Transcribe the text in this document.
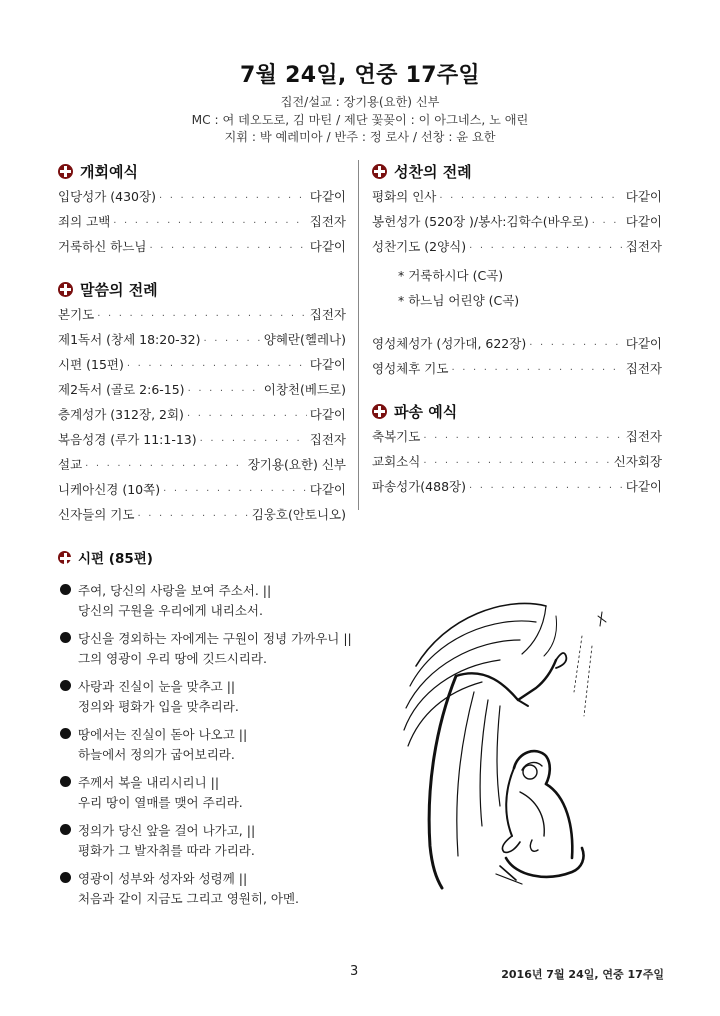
7월 24일, 연중 17주일
집전/설교 : 장기용(요한) 신부
MC : 여 데오도로, 김 마틴 / 제단 꽃꽂이 : 이 아그네스, 노 애린
지휘 : 박 예레미아 / 반주 : 정 로사 / 선창 : 윤 요한
개회예식
입당성가 (430장) · · ·	다같이
죄의 고백 · · ·	집전자
거룩하신 하느님 · · ·	다같이
말씀의 전례
본기도 · · ·	집전자
제1독서 (창세 18:20-32) · · ·	양혜란(헬레나)
시편 (15편) · · ·	다같이
제2독서 (골로 2:6-15) · · ·	이창천(베드로)
층계성가 (312장, 2회) · · ·	다같이
복음성경 (루가 11:1-13) · · ·	집전자
설교 · · ·	장기용(요한) 신부
니케아신경 (10쪽) · · ·	다같이
신자들의 기도 · · ·	김웅호(안토니오)
성찬의 전례
평화의 인사 · · ·	다같이
봉헌성가 (520장 )/봉사:김학수(바우로) · · ·	다같이
성찬기도 (2양식) · · ·	집전자
* 거룩하시다 (C곡)
* 하느님 어린양 (C곡)
영성체성가 (성가대, 622장) · · ·	다같이
영성체후 기도 · · ·	집전자
파송 예식
축복기도 · · ·	집전자
교회소식 · · ·	신자회장
파송성가(488장) · · ·	다같이
시편 (85편)
주여, 당신의 사랑을 보여 주소서. ||
당신의 구원을 우리에게 내리소서.
당신을 경외하는 자에게는 구원이 정녕 가까우니 ||
그의 영광이 우리 땅에 깃드시리라.
사랑과 진실이 눈을 맞추고 ||
정의와 평화가 입을 맞추리라.
땅에서는 진실이 돋아 나오고 ||
하늘에서 정의가 굽어보리라.
주께서 복을 내리시리니 ||
우리 땅이 열매를 맺어 주리라.
정의가 당신 앞을 걸어 나가고, ||
평화가 그 발자취를 따라 가리라.
영광이 성부와 성자와 성령께 ||
처음과 같이 지금도 그리고 영원히, 아멘.
3	2016년 7월 24일, 연중 17주일
